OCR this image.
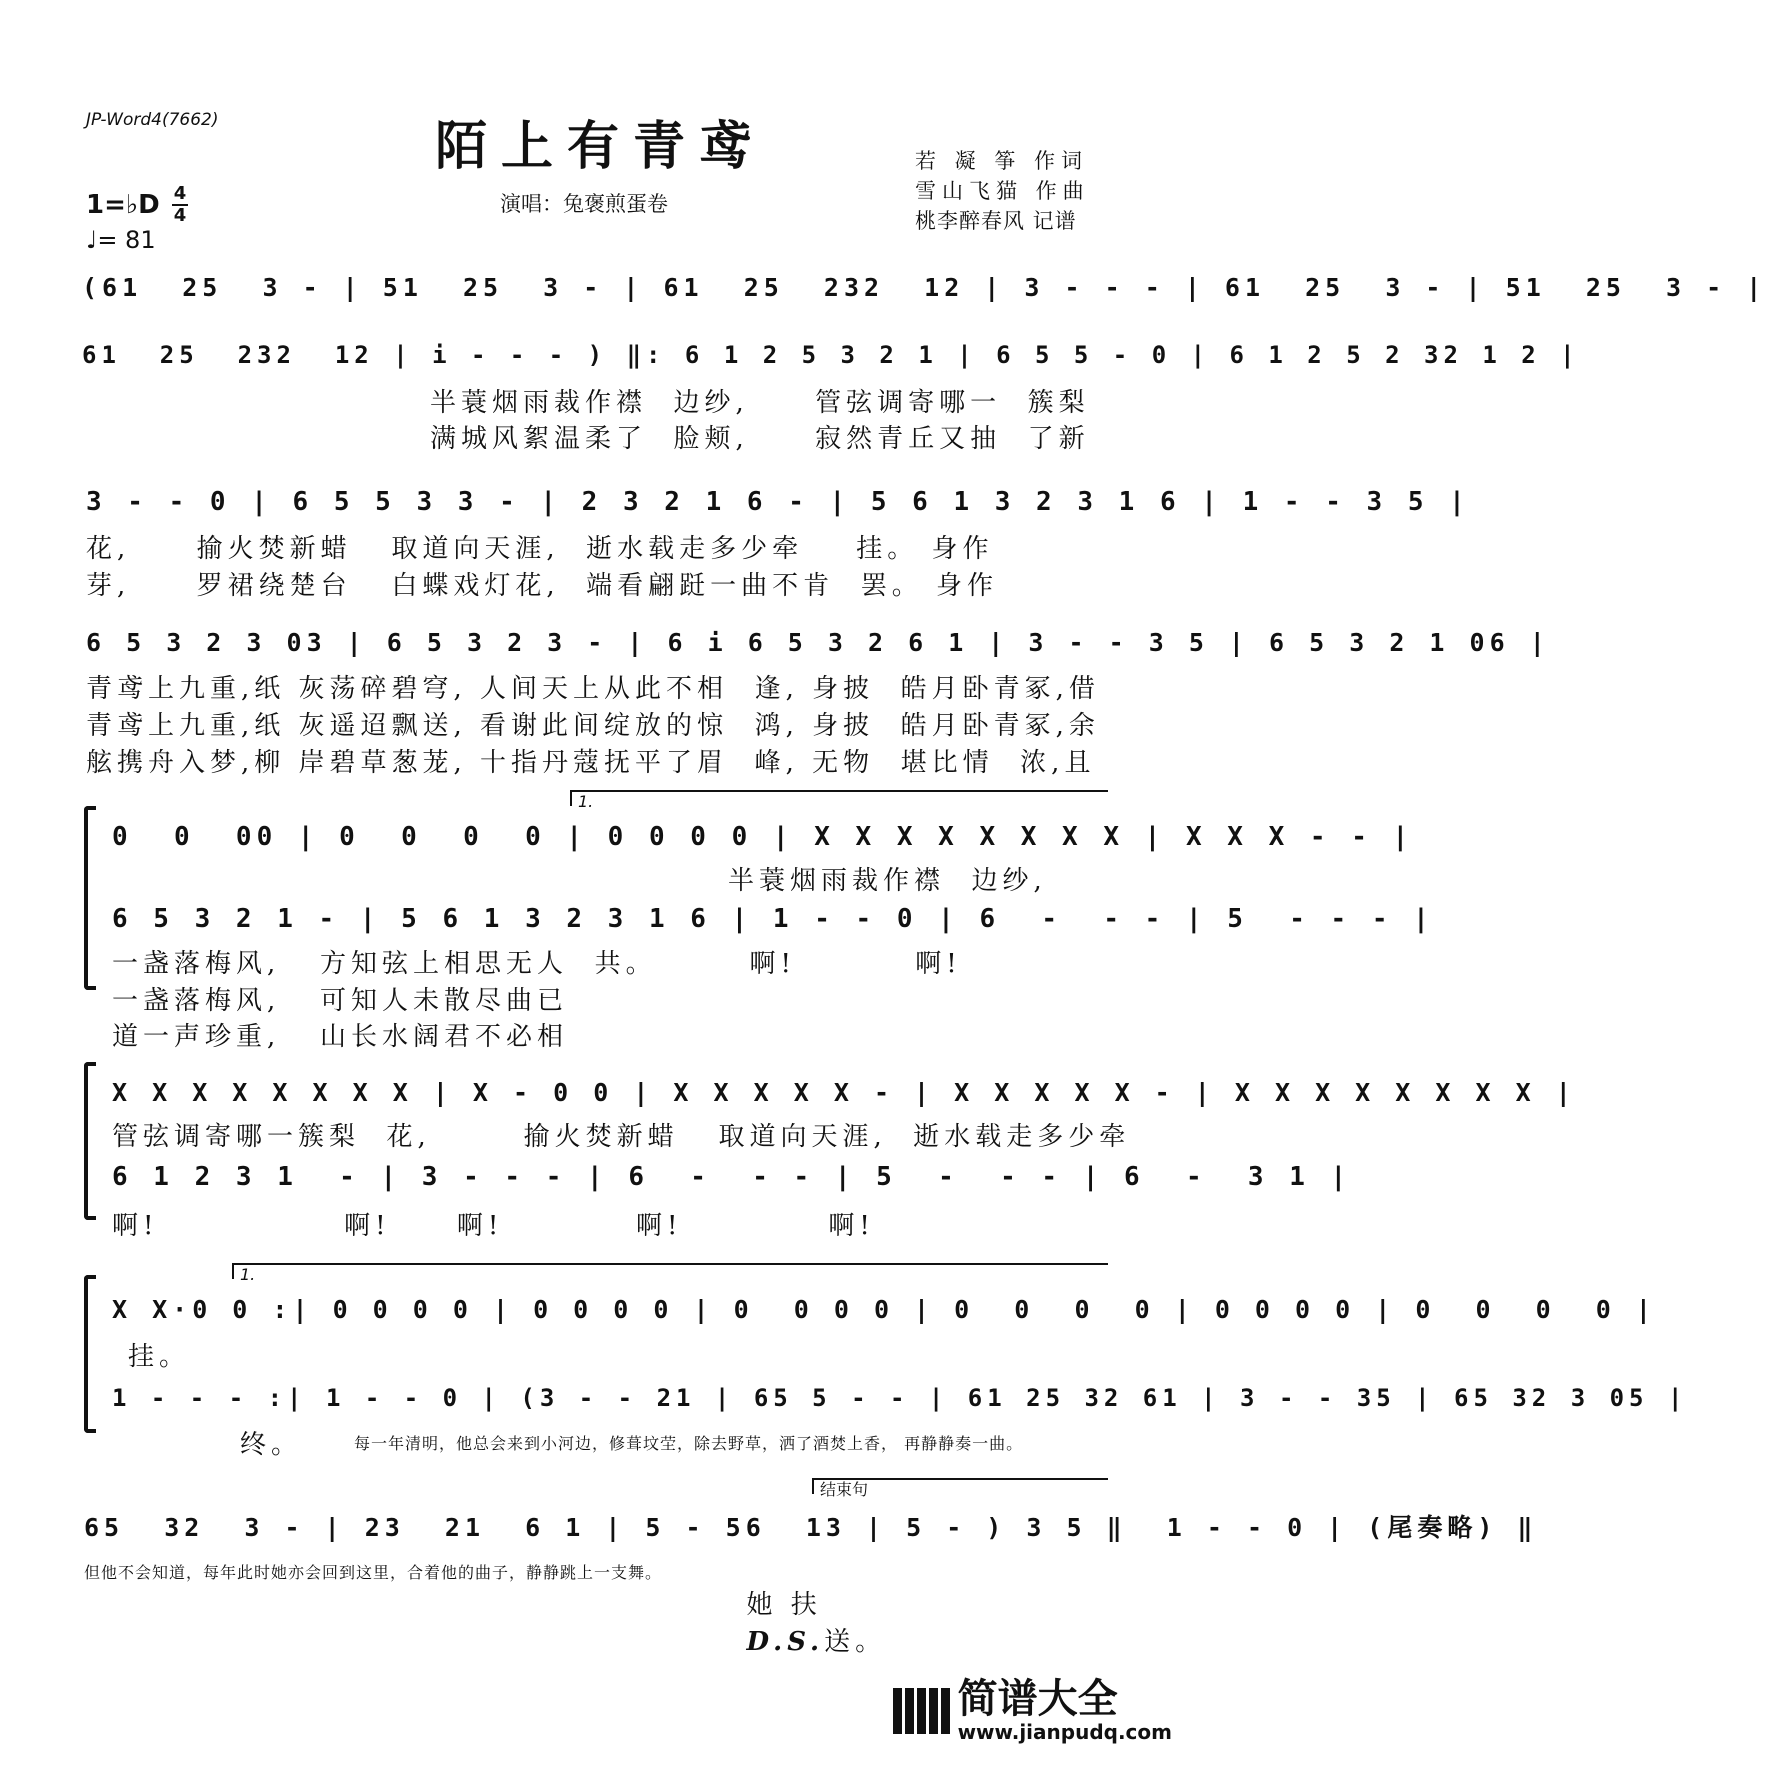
JP-Word4(7662)	陌上有青鸢
演唱：兔褒煎蛋卷
若 凝 筝 作词
雪山飞猫 作曲
桃李醉春风 记谱
1=♭D 4
4
♩= 81
(61  25  3 - | 51  25  3 - | 61  25  232  12 | 3 - - - | 61  25  3 - | 51  25  3 - |
61  25  232  12 | i - - - ) ‖: 6 1 2 5 3 2 1 | 6 5 5 - 0 | 6 1 2 5 2 32 1 2 |
半蓑烟雨裁作襟  边纱,     管弦调寄哪一  簇梨
满城风絮温柔了  脸颊,     寂然青丘又抽  了新
3 - - 0 | 6 5 5 3 3 - | 2 3 2 1 6 - | 5 6 1 3 2 3 1 6 | 1 - - 3 5 |
花,     揄火焚新蜡   取道向天涯,  逝水载走多少牵    挂。 身作
芽,     罗裙绕楚台   白蝶戏灯花,  端看翩跹一曲不肯  罢。 身作
6 5 3 2 3 03 | 6 5 3 2 3 - | 6 i 6 5 3 2 6 1 | 3 - - 3 5 | 6 5 3 2 1 06 |
青鸢上九重,纸 灰荡碎碧穹, 人间天上从此不相  逢, 身披  皓月卧青冢,借
青鸢上九重,纸 灰遥迢飘送, 看谢此间绽放的惊  鸿, 身披  皓月卧青冢,余
舷携舟入梦,柳 岸碧草葱茏, 十指丹蔻抚平了眉  峰, 无物  堪比情  浓,且
1.
0  0  00 | 0  0  0  0 | 0 0 0 0 | X X X X X X X X | X X X - - |
半蓑烟雨裁作襟  边纱,
6 5 3 2 1 - | 5 6 1 3 2 3 1 6 | 1 - - 0 | 6  -  - - | 5  - - - |
一盏落梅风,   方知弦上相思无人  共。       啊!         啊!
一盏落梅风,   可知人未散尽曲已
道一声珍重,   山长水阔君不必相
X X X X X X X X | X - 0 0 | X X X X X - | X X X X X - | X X X X X X X X |
管弦调寄哪一簇梨  花,       揄火焚新蜡   取道向天涯,  逝水载走多少牵
6 1 2 3 1  - | 3 - - - | 6  -  - - | 5  -  - - | 6  -  3 1 |
啊!              啊!     啊!          啊!           啊!
1.
X X·0 0 :| 0 0 0 0 | 0 0 0 0 | 0  0 0 0 | 0  0  0  0 | 0 0 0 0 | 0  0  0  0 |
挂。
1 - - - :| 1 - - 0 | (3 - - 21 | 65 5 - - | 61 25 32 61 | 3 - - 35 | 65 32 3 05 |
终。	每一年清明，他总会来到小河边，修葺坟茔，除去野草，洒了酒焚上香， 再静静奏一曲。
结束句
65  32  3 - | 23  21  6 1 | 5 - 56  13 | 5 - ) 3 5 ‖  1 - - 0 | (尾奏略) ‖
但他不会知道，每年此时她亦会回到这里，合着他的曲子，静静跳上一支舞。

她 扶
D.S.送。

简谱大全
www.jianpudq.com
